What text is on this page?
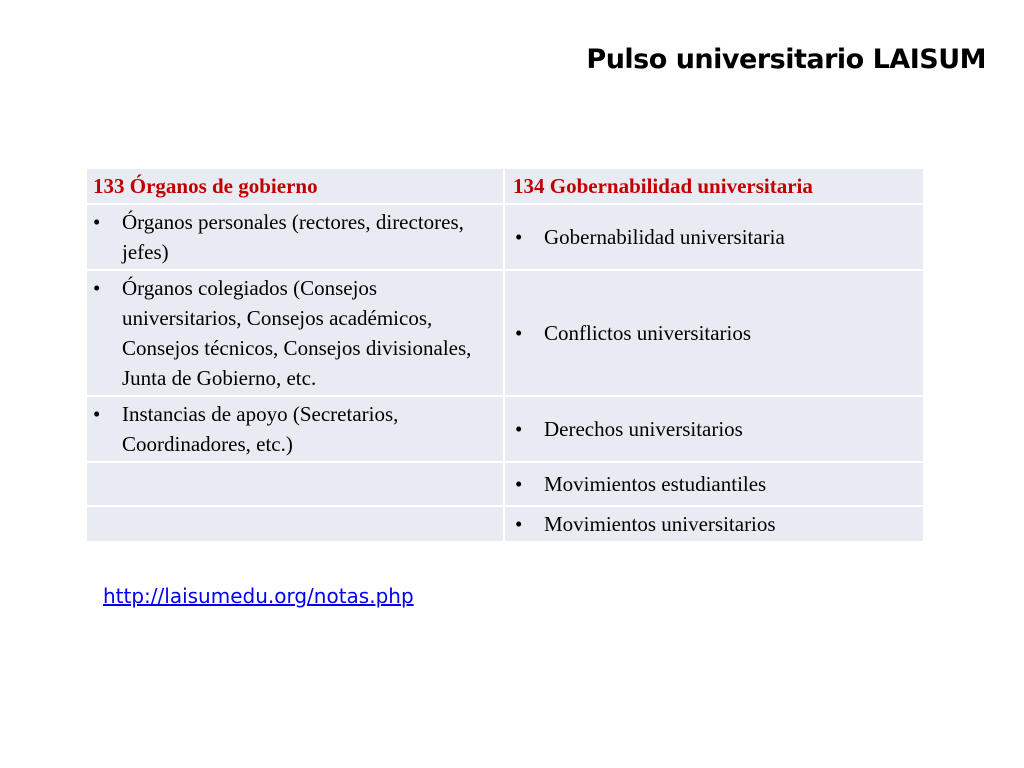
Pulso universitario LAISUM
133 Órganos de gobierno	134 Gobernabilidad universitaria

• Órganos personales (rectores, directores, jefes)	• Gobernabilidad universitaria

• Órganos colegiados (Consejos universitarios, Consejos académicos, Consejos técnicos, Consejos divisionales, Junta de Gobierno, etc.	• Conflictos universitarios

• Instancias de apoyo (Secretarios, Coordinadores, etc.)	• Derechos universitarios

	• Movimientos estudiantiles

	• Movimientos universitarios
http://laisumedu.org/notas.php
